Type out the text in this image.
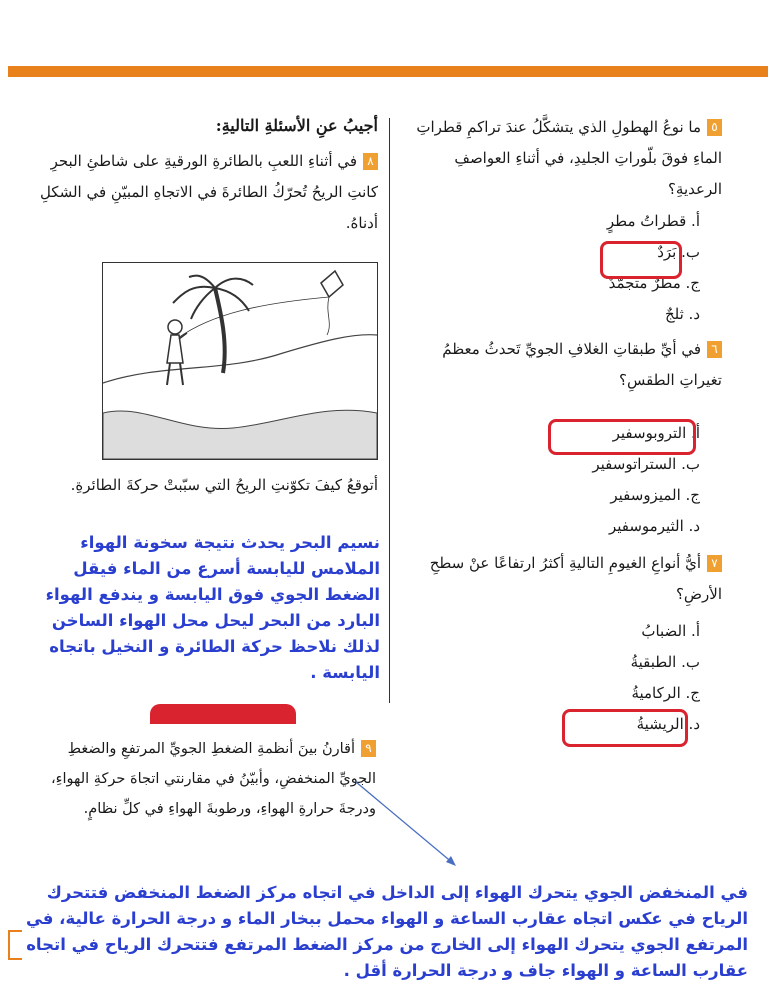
٥ما نوعُ الهطولِ الذي يتشكَّلُ عندَ تراكمِ قطراتِ الماءِ فوقَ بلّوراتِ الجليدِ، في أثناءِ العواصفِ الرعديةِ؟
أ. قطراتُ مطرٍ
ب. بَرَدٌ
ج. مطرٌ متجمّدٌ
د. ثلجٌ
٦في أيِّ طبقاتِ الغلافِ الجويِّ تَحدثُ معظمُ تغيراتِ الطقسِ؟
أ. التروبوسفير
ب. الستراتوسفير
ج. الميزوسفير
د. الثيرموسفير
٧أيُّ أنواعِ الغيومِ التاليةِ أكثرُ ارتفاعًا عنْ سطحِ الأرضِ؟
أ. الضبابُ
ب. الطبقيةُ
ج. الركاميةُ
د. الريشيةُ
أجيبُ عنِ الأسئلةِ التاليةِ:
٨في أثناءِ اللعبِ بالطائرةِ الورقيةِ على شاطئِ البحرِ كانتِ الريحُ تُحرّكُ الطائرةَ في الاتجاهِ المبيّنِ في الشكلِ أدناهُ.
أتوقعُ كيفَ تكوّنتِ الريحُ التي سبّبتْ حركةَ الطائرةِ.
نسيم البحر يحدث نتيجة سخونة الهواء الملامس لليابسة أسرع من الماء فيقل الضغط الجوي فوق اليابسة و يندفع الهواء البارد من البحر ليحل محل الهواء الساخن لذلك نلاحظ حركة الطائرة و النخيل باتجاه اليابسة .
٩أقارنُ بينَ أنظمةِ الضغطِ الجويِّ المرتفعِ والضغطِ الجويِّ المنخفضِ، وأبيّنُ في مقارنتي اتجاهَ حركةِ الهواءِ، ودرجةَ حرارةِ الهواءِ، ورطوبةَ الهواءِ في كلِّ نظامٍ.
في المنخفض الجوي يتحرك الهواء إلى الداخل في اتجاه مركز الضغط المنخفض فتتحرك الرياح في عكس اتجاه عقارب الساعة و الهواء محمل ببخار الماء و درجة الحرارة عالية، في المرتفع الجوي يتحرك الهواء إلى الخارج من مركز الضغط المرتفع فتتحرك الرياح في اتجاه عقارب الساعة و الهواء جاف و درجة الحرارة أقل .
